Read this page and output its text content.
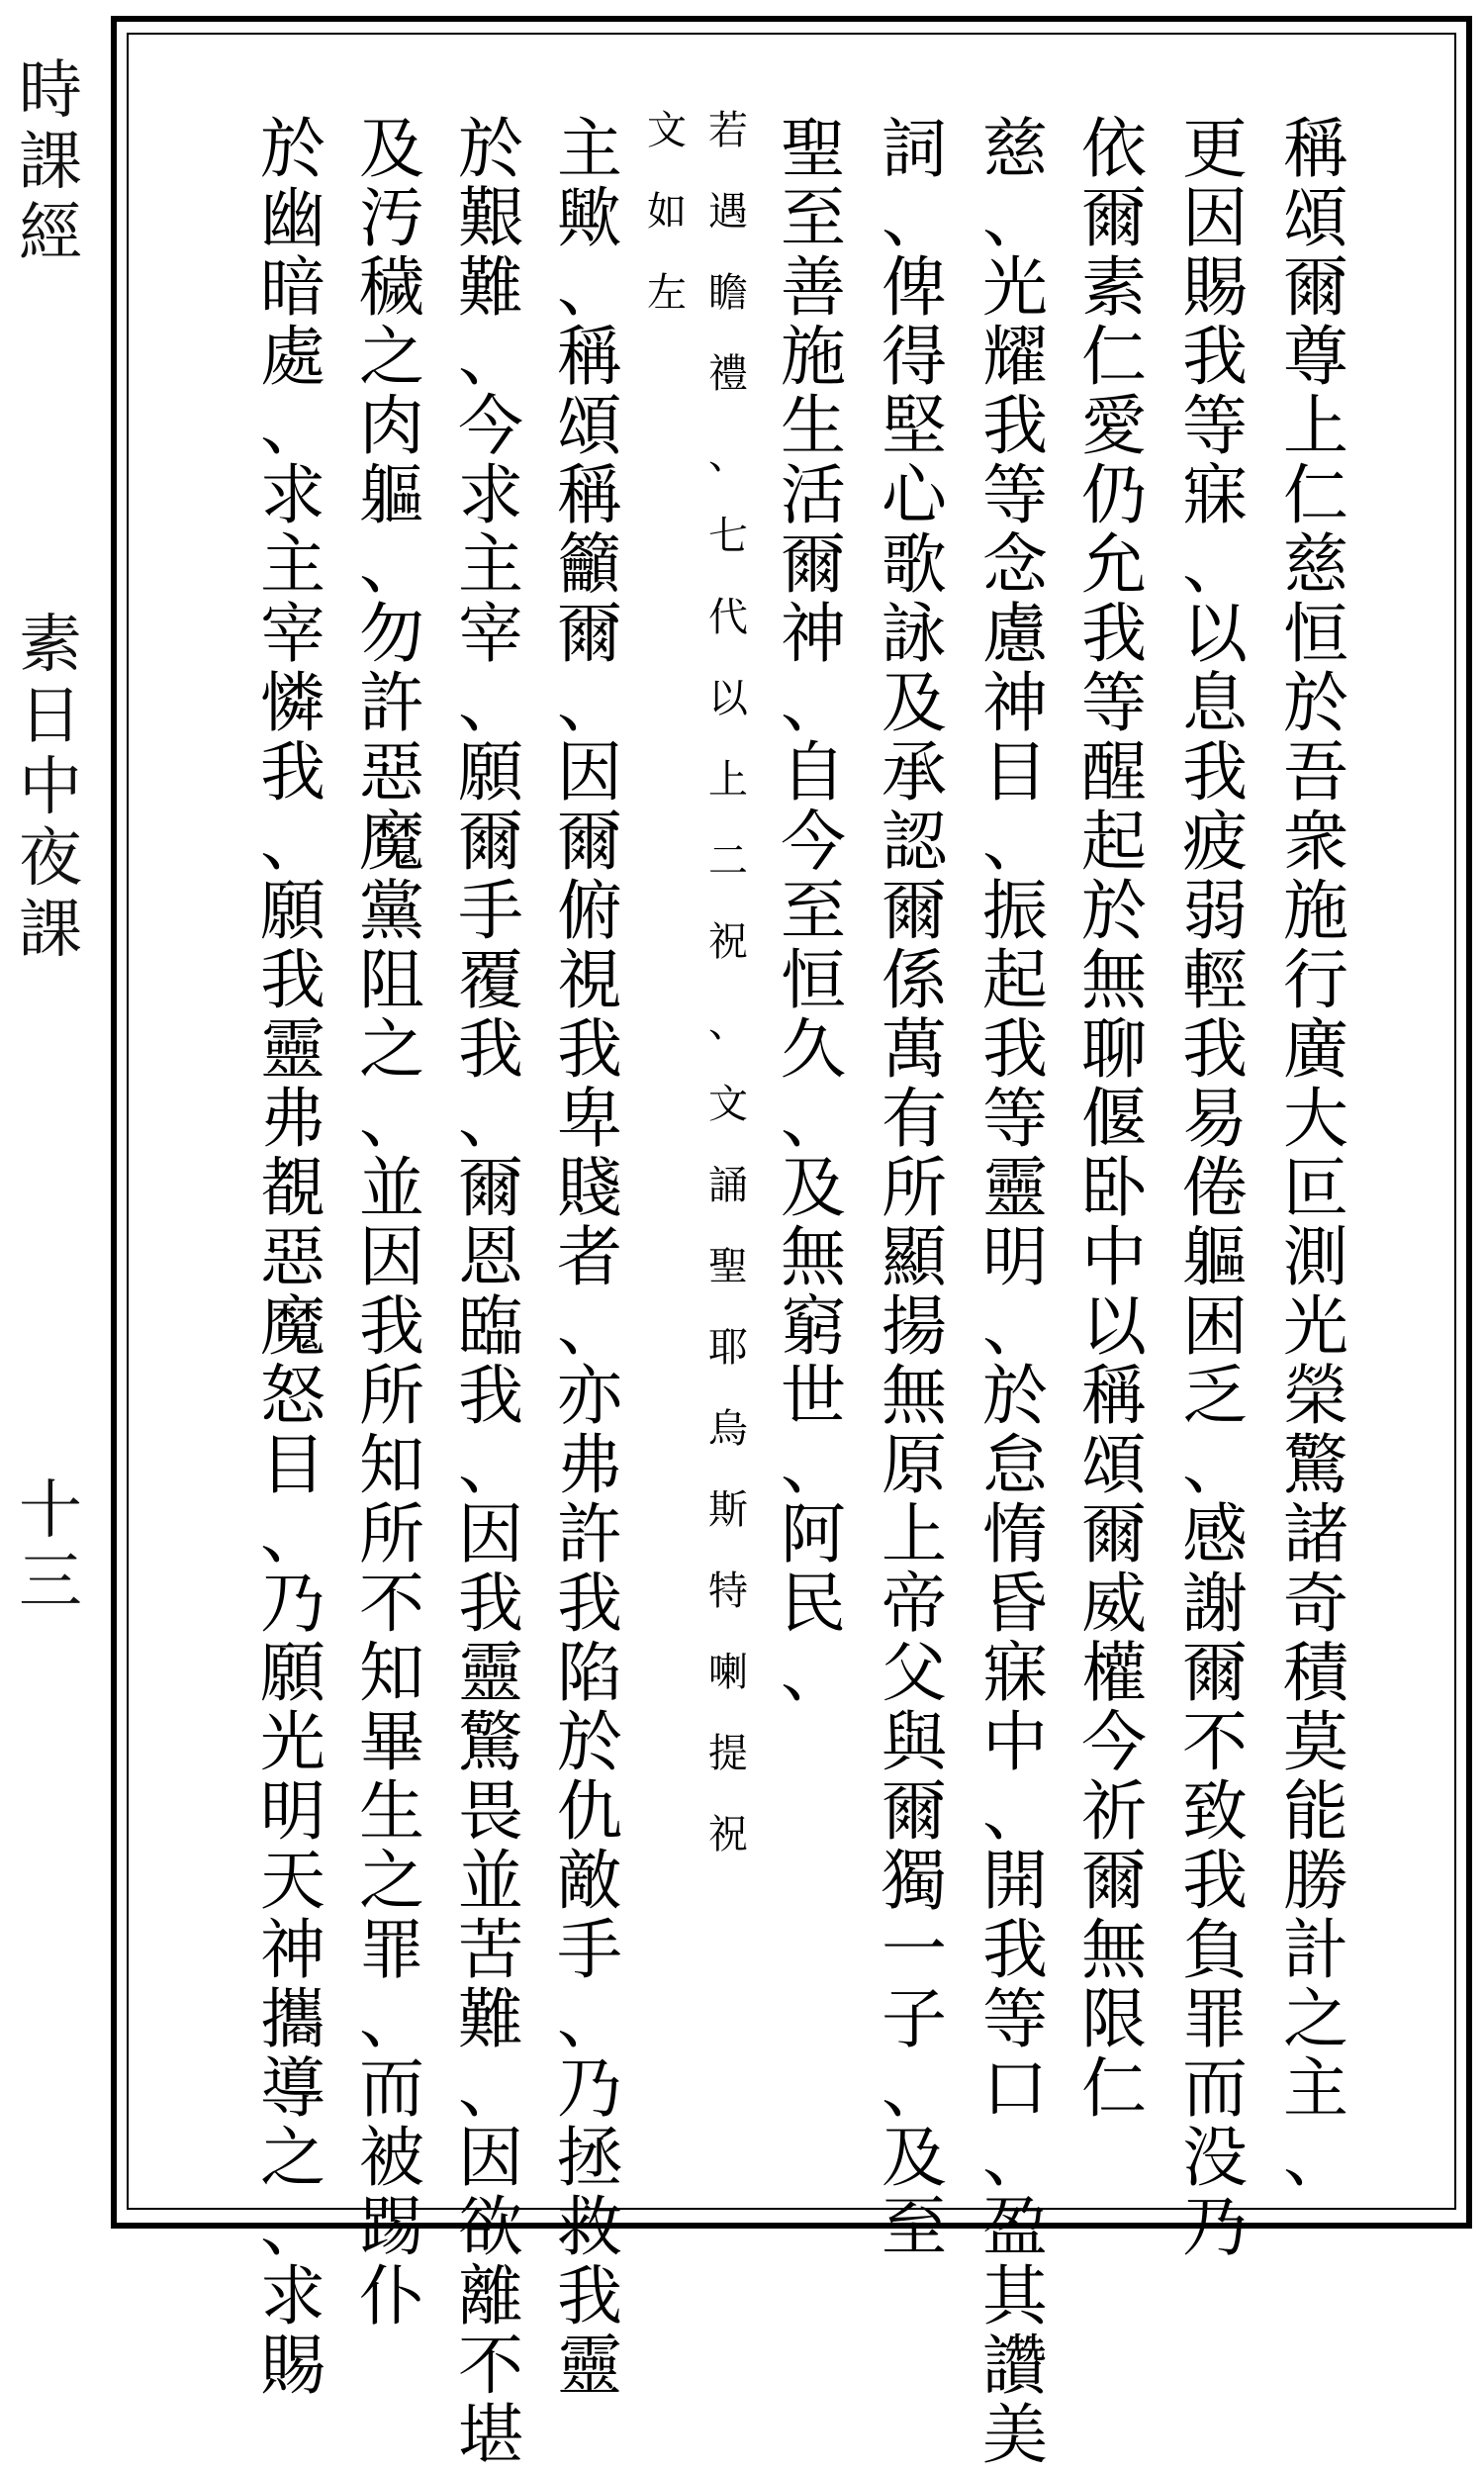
時
課
經
素
日
中
夜
課
十
三
稱
頌
爾
尊
上
仁
慈
恒
於
吾
衆
施
行
廣
大
叵
測
光
榮
驚
諸
奇
積
莫
能
勝
計
之
主
、
更
因
賜
我
等
寐
、
以
息
我
疲
弱
輕
我
易
倦
軀
困
乏
、
感
謝
爾
不
致
我
負
罪
而
没
乃
依
爾
素
仁
愛
仍
允
我
等
醒
起
於
無
聊
偃
卧
中
以
稱
頌
爾
威
權
今
祈
爾
無
限
仁
慈
、
光
耀
我
等
念
慮
神
目
、
振
起
我
等
靈
明
、
於
怠
惰
昏
寐
中
、
開
我
等
口
、
盈
其
讚
美
詞
、
俾
得
堅
心
歌
詠
及
承
認
爾
係
萬
有
所
顯
揚
無
原
上
帝
父
與
爾
獨
一
子
、
及
至
聖
至
善
施
生
活
爾
神
、
自
今
至
恒
久
、
及
無
窮
世
、
阿
民
、
若
遇
瞻
禮
、
七
代
以
上
二
祝
、
文
誦
聖
耶
烏
斯
特
喇
提
祝
文
如
左
主
歟
、
稱
頌
稱
籲
爾
、
因
爾
俯
視
我
卑
賤
者
、
亦
弗
許
我
陷
於
仇
敵
手
、
乃
拯
救
我
靈
於
艱
難
、
今
求
主
宰
、
願
爾
手
覆
我
、
爾
恩
臨
我
、
因
我
靈
驚
畏
並
苦
難
、
因
欲
離
不
堪
及
汚
穢
之
肉
軀
、
勿
許
惡
魔
黨
阻
之
、
並
因
我
所
知
所
不
知
畢
生
之
罪
、
而
被
踢
仆
於
幽
暗
處
、
求
主
宰
憐
我
、
願
我
靈
弗
覩
惡
魔
怒
目
、
乃
願
光
明
天
神
攜
導
之
、
求
賜
